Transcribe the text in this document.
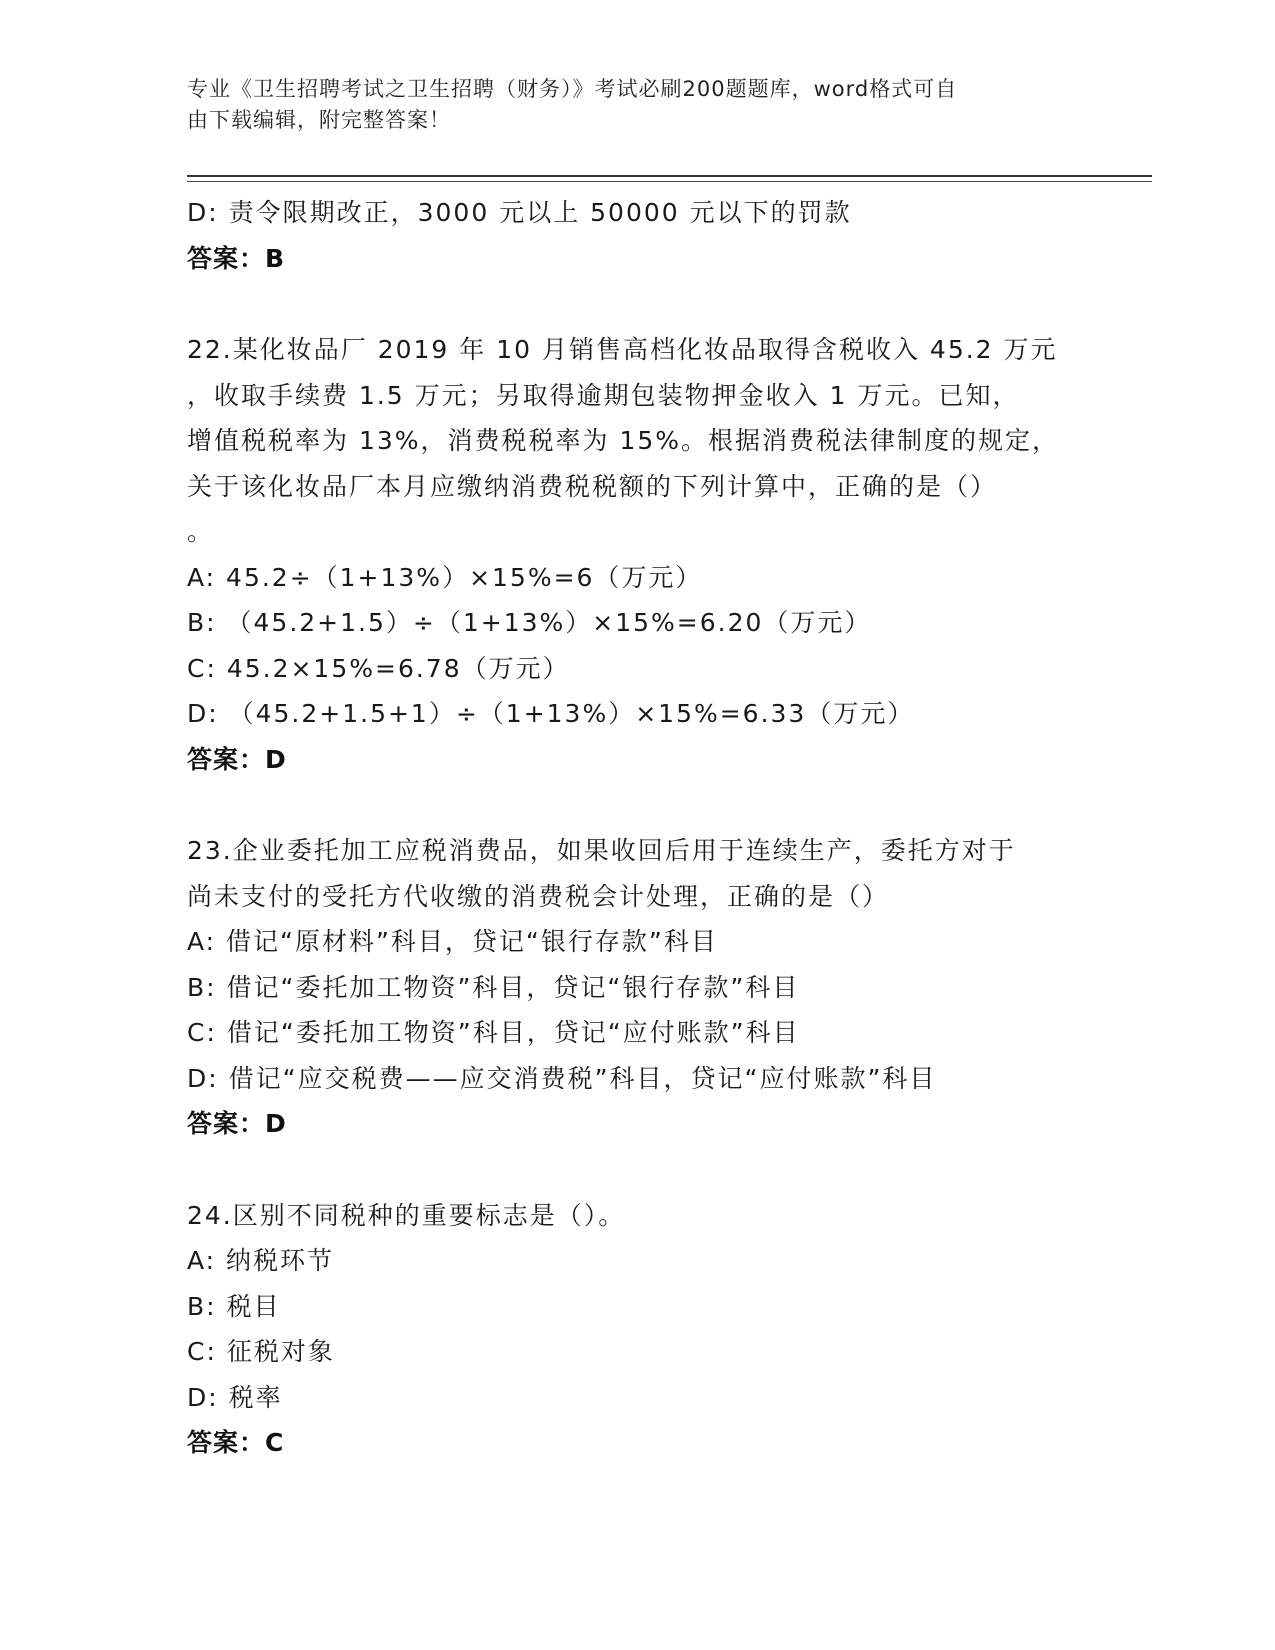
专业《卫生招聘考试之卫生招聘（财务）》考试必刷200题题库，word格式可自
由下载编辑，附完整答案！
D: 责令限期改正，3000 元以上 50000 元以下的罚款
答案：B
22.某化妆品厂 2019 年 10 月销售高档化妆品取得含税收入 45.2 万元
，收取手续费 1.5 万元；另取得逾期包装物押金收入 1 万元。已知，
增值税税率为 13%，消费税税率为 15%。根据消费税法律制度的规定，
关于该化妆品厂本月应缴纳消费税税额的下列计算中，正确的是（）
。
A: 45.2÷（1+13%）×15%=6（万元）
B: （45.2+1.5）÷（1+13%）×15%=6.20（万元）
C: 45.2×15%=6.78（万元）
D: （45.2+1.5+1）÷（1+13%）×15%=6.33（万元）
答案：D
23.企业委托加工应税消费品，如果收回后用于连续生产，委托方对于
尚未支付的受托方代收缴的消费税会计处理，正确的是（）
A: 借记“原材料”科目，贷记“银行存款”科目
B: 借记“委托加工物资”科目，贷记“银行存款”科目
C: 借记“委托加工物资”科目，贷记“应付账款”科目
D: 借记“应交税费——应交消费税”科目，贷记“应付账款”科目
答案：D
24.区别不同税种的重要标志是（）。
A: 纳税环节
B: 税目
C: 征税对象
D: 税率
答案：C
